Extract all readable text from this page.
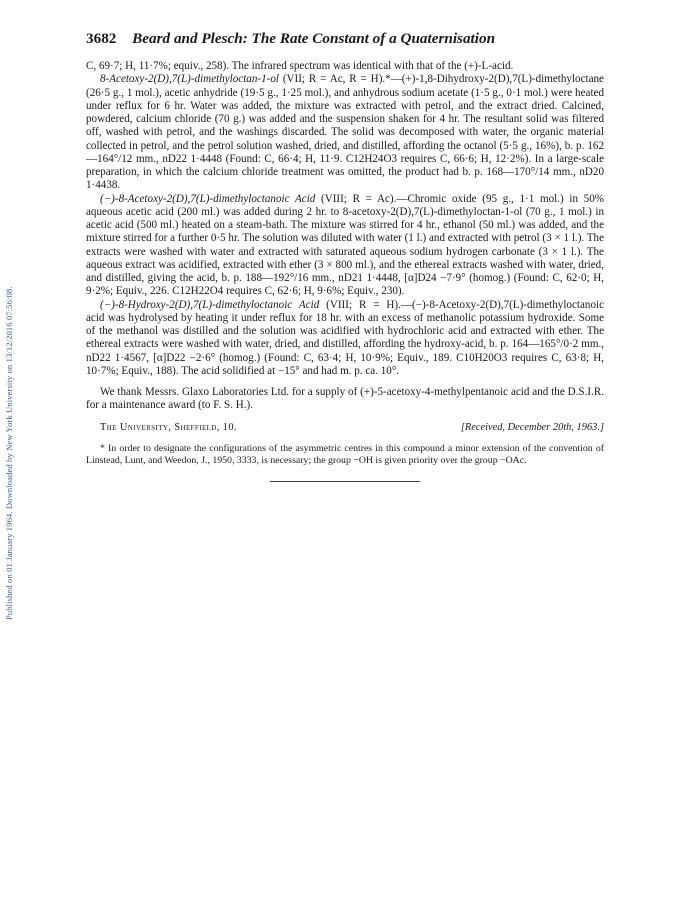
Published on 01 January 1964. Downloaded by New York University on 13/12/2016 07:56:08.
3682 Beard and Plesch: The Rate Constant of a Quaternisation

C, 69·7; H, 11·7%; equiv., 258). The infrared spectrum was identical with that of the (+)-L-acid.

8-Acetoxy-2(D),7(L)-dimethyloctan-1-ol (VII; R = Ac, R = H).*—(+)-1,8-Dihydroxy-2(D),7(L)-dimethyloctane (26·5 g., 1 mol.), acetic anhydride (19·5 g., 1·25 mol.), and anhydrous sodium acetate (1·5 g., 0·1 mol.) were heated under reflux for 6 hr. Water was added, the mixture was extracted with petrol, and the extract dried. Calcined, powdered, calcium chloride (70 g.) was added and the suspension shaken for 4 hr. The resultant solid was filtered off, washed with petrol, and the washings discarded. The solid was decomposed with water, the organic material collected in petrol, and the petrol solution washed, dried, and distilled, affording the octanol (5·5 g., 16%), b. p. 162—164°/12 mm., nD22 1·4448 (Found: C, 66·4; H, 11·9. C12H24O3 requires C, 66·6; H, 12·2%). In a large-scale preparation, in which the calcium chloride treatment was omitted, the product had b. p. 168—170°/14 mm., nD20 1·4438.

(−)-8-Acetoxy-2(D),7(L)-dimethyloctanoic Acid (VIII; R = Ac).—Chromic oxide (95 g., 1·1 mol.) in 50% aqueous acetic acid (200 ml.) was added during 2 hr. to 8-acetoxy-2(D),7(L)-dimethyloctan-1-ol (70 g., 1 mol.) in acetic acid (500 ml.) heated on a steam-bath. The mixture was stirred for 4 hr., ethanol (50 ml.) was added, and the mixture stirred for a further 0·5 hr. The solution was diluted with water (1 l.) and extracted with petrol (3 × 1 l.). The extracts were washed with water and extracted with saturated aqueous sodium hydrogen carbonate (3 × 1 l.). The aqueous extract was acidified, extracted with ether (3 × 800 ml.), and the ethereal extracts washed with water, dried, and distilled, giving the acid, b. p. 188—192°/16 mm., nD21 1·4448, [α]D24 −7·9° (homog.) (Found: C, 62·0; H, 9·2%; Equiv., 226. C12H22O4 requires C, 62·6; H, 9·6%; Equiv., 230).

(−)-8-Hydroxy-2(D),7(L)-dimethyloctanoic Acid (VIII; R = H).—(−)-8-Acetoxy-2(D),7(L)-dimethyloctanoic acid was hydrolysed by heating it under reflux for 18 hr. with an excess of methanolic potassium hydroxide. Some of the methanol was distilled and the solution was acidified with hydrochloric acid and extracted with ether. The ethereal extracts were washed with water, dried, and distilled, affording the hydroxy-acid, b. p. 164—165°/0·2 mm., nD22 1·4567, [α]D22 −2·6° (homog.) (Found: C, 63·4; H, 10·9%; Equiv., 189. C10H20O3 requires C, 63·8; H, 10·7%; Equiv., 188). The acid solidified at −15° and had m. p. ca. 10°.

We thank Messrs. Glaxo Laboratories Ltd. for a supply of (+)-5-acetoxy-4-methylpentanoic acid and the D.S.I.R. for a maintenance award (to F. S. H.).

The University, Sheffield, 10.	[Received, December 20th, 1963.]

* In order to designate the configurations of the asymmetric centres in this compound a minor extension of the convention of Linstead, Lunt, and Weedon, J., 1950, 3333, is necessary; the group −OH is given priority over the group −OAc.
